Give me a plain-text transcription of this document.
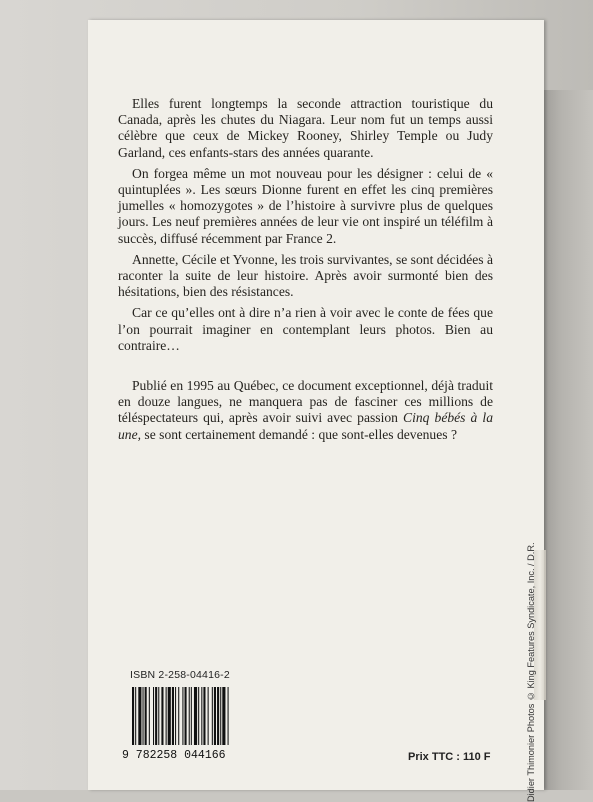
Elles furent longtemps la seconde attraction touristique du Canada, après les chutes du Niagara. Leur nom fut un temps aussi célèbre que ceux de Mickey Rooney, Shirley Temple ou Judy Garland, ces enfants-stars des années quarante.

On forgea même un mot nouveau pour les désigner : celui de « quintuplées ». Les sœurs Dionne furent en effet les cinq premières jumelles « homozygotes » de l’histoire à survivre plus de quelques jours. Les neuf premières années de leur vie ont inspiré un téléfilm à succès, diffusé récemment par France 2.

Annette, Cécile et Yvonne, les trois survivantes, se sont décidées à raconter la suite de leur histoire. Après avoir surmonté bien des hésitations, bien des résistances.

Car ce qu’elles ont à dire n’a rien à voir avec le conte de fées que l’on pourrait imaginer en contemplant leurs photos. Bien au contraire…

Publié en 1995 au Québec, ce document exceptionnel, déjà traduit en douze langues, ne manquera pas de fasciner ces millions de téléspectateurs qui, après avoir suivi avec passion Cinq bébés à la une, se sont certainement demandé : que sont-elles devenues ?

ISBN 2-258-04416-2
9 782258 044166	Prix TTC : 110 F	Didier Thimonier Photos © King Features Syndicate, Inc. / D.R.
